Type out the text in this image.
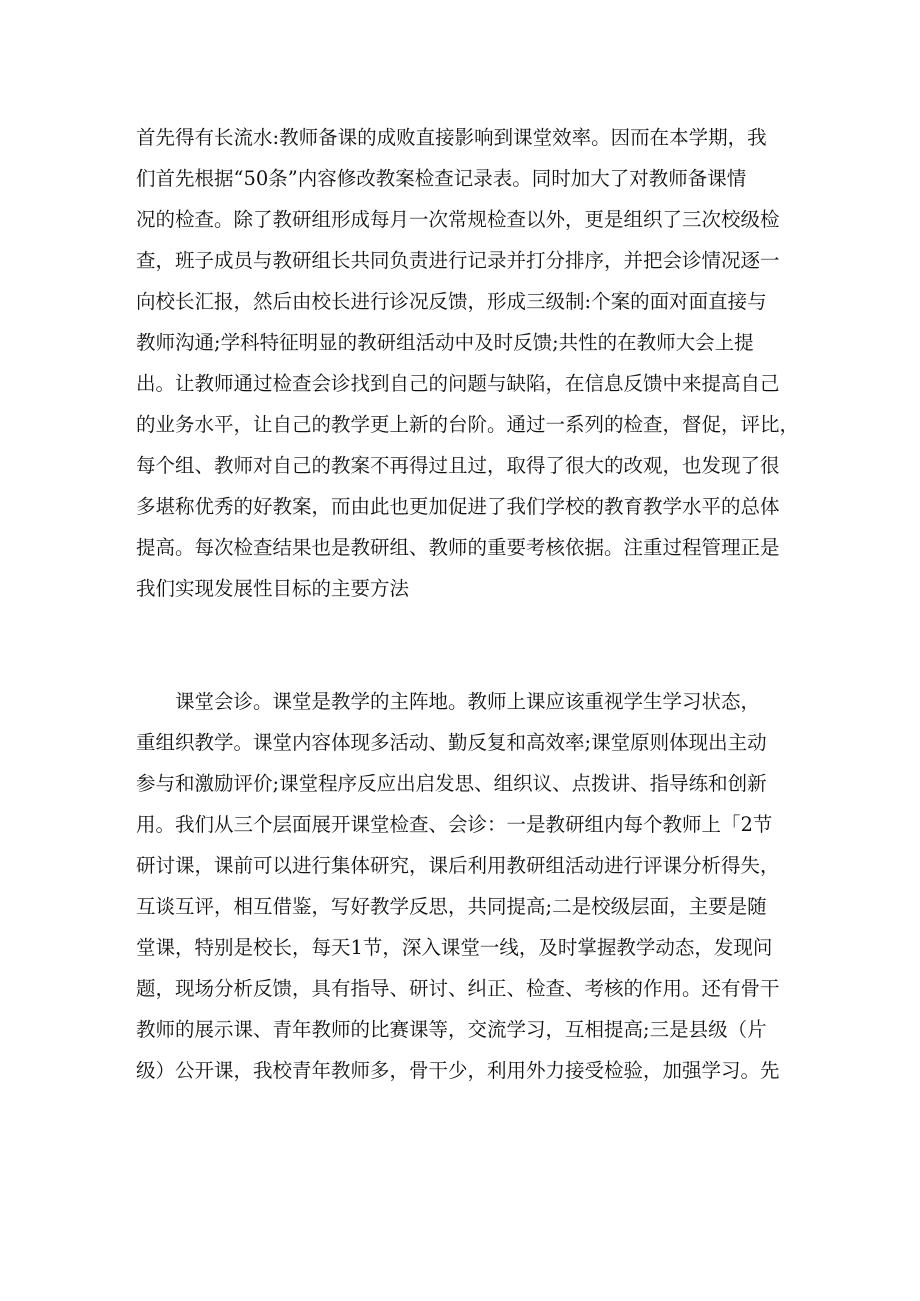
首先得有长流水:教师备课的成败直接影响到课堂效率。因而在本学期，我
们首先根据“50条”内容修改教案检查记录表。同时加大了对教师备课情
况的检查。除了教研组形成每月一次常规检查以外，更是组织了三次校级检
查，班子成员与教研组长共同负责进行记录并打分排序，并把会诊情况逐一
向校长汇报，然后由校长进行诊况反馈，形成三级制:个案的面对面直接与
教师沟通;学科特征明显的教研组活动中及时反馈;共性的在教师大会上提
出。让教师通过检查会诊找到自己的问题与缺陷，在信息反馈中来提高自己
的业务水平，让自己的教学更上新的台阶。通过一系列的检查，督促，评比，
每个组、教师对自己的教案不再得过且过，取得了很大的改观，也发现了很
多堪称优秀的好教案，而由此也更加促进了我们学校的教育教学水平的总体
提高。每次检查结果也是教研组、教师的重要考核依据。注重过程管理正是
我们实现发展性目标的主要方法
　　课堂会诊。课堂是教学的主阵地。教师上课应该重视学生学习状态，
重组织教学。课堂内容体现多活动、勤反复和高效率;课堂原则体现出主动
参与和激励评价;课堂程序反应出启发思、组织议、点拨讲、指导练和创新
用。我们从三个层面展开课堂检查、会诊：一是教研组内每个教师上「2节
研讨课，课前可以进行集体研究，课后利用教研组活动进行评课分析得失，
互谈互评，相互借鉴，写好教学反思，共同提高;二是校级层面，主要是随
堂课，特别是校长，每天1节，深入课堂一线，及时掌握教学动态，发现问
题，现场分析反馈，具有指导、研讨、纠正、检查、考核的作用。还有骨干
教师的展示课、青年教师的比赛课等，交流学习，互相提高;三是县级（片
级）公开课，我校青年教师多，骨干少，利用外力接受检验，加强学习。先
